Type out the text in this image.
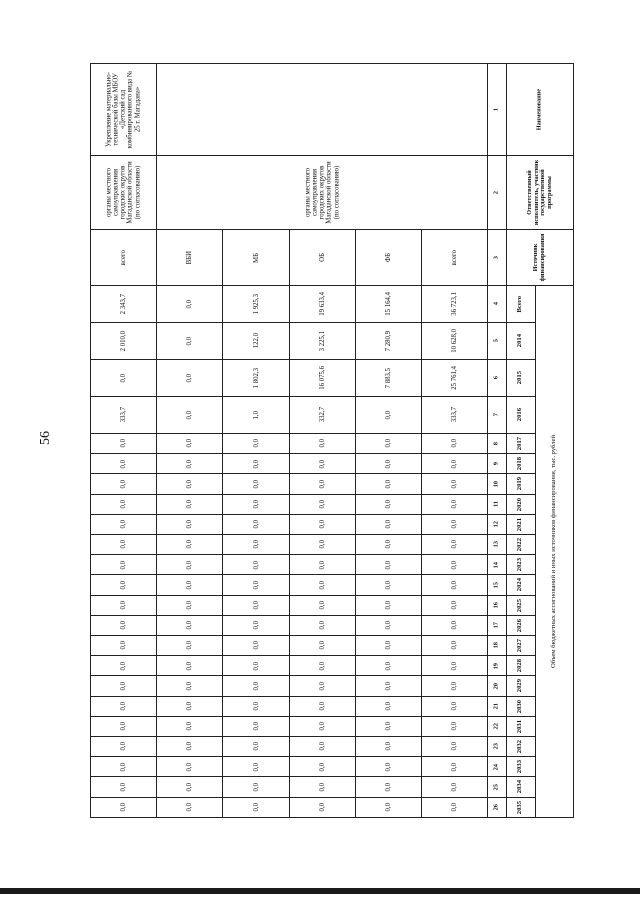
56
Наименование	Ответственный исполнитель, участник государственной программы	Источник финансирования	Объем бюджетных ассигнований и иных источников финансирования, тыс. рублей																						
			Всего	2014	2015	2016	2017	2018	2019	2020	2021	2022	2023	2024	2025	2026	2027	2028	2029	2030	2031	2032	2033	2034	2035
1	2	3	4	5	6	7	8	9	10	11	12	13	14	15	16	17	18	19	20	21	22	23	24	25	26

	органы местного самоуправления городских округов Магаданской области (по согласованию)	всего	36 723,1	10 628,0	25 761,4	333,7	0,0	0,0	0,0	0,0	0,0	0,0	0,0	0,0	0,0	0,0	0,0	0,0	0,0	0,0	0,0	0,0	0,0	0,0	0,0
		ФБ	15 164,4	7 280,9	7 883,5	0,0	0,0	0,0	0,0	0,0	0,0	0,0	0,0	0,0	0,0	0,0	0,0	0,0	0,0	0,0	0,0	0,0	0,0	0,0	0,0
		ОБ	19 633,4	3 225,1	16 075,6	332,7	0,0	0,0	0,0	0,0	0,0	0,0	0,0	0,0	0,0	0,0	0,0	0,0	0,0	0,0	0,0	0,0	0,0	0,0	0,0
		МБ	1 925,3	122,0	1 802,3	1,0	0,0	0,0	0,0	0,0	0,0	0,0	0,0	0,0	0,0	0,0	0,0	0,0	0,0	0,0	0,0	0,0	0,0	0,0	0,0
		ВБИ	0,0	0,0	0,0	0,0	0,0	0,0	0,0	0,0	0,0	0,0	0,0	0,0	0,0	0,0	0,0	0,0	0,0	0,0	0,0	0,0	0,0	0,0	0,0

Укрепление материально-технической базы МБОУ «Детский сад комбинированного вида № 25 г. Магадана»	органы местного самоуправления городских округов Магаданской области (по согласованию)	всего	2 343,7	2 010,0	0,0	333,7	0,0	0,0	0,0	0,0	0,0	0,0	0,0	0,0	0,0	0,0	0,0	0,0	0,0	0,0	0,0	0,0	0,0	0,0	0,0
